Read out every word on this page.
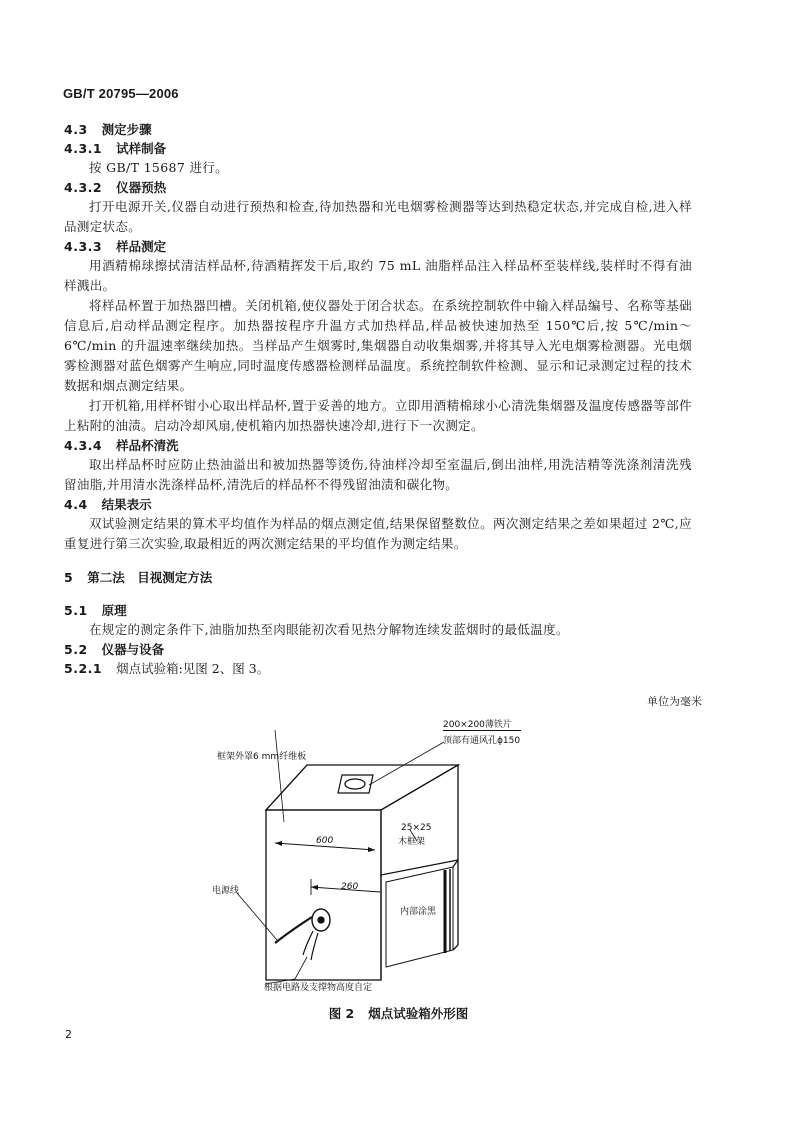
GB/T 20795—2006
4.3 测定步骤
4.3.1 试样制备
按 GB/T 15687 进行。
4.3.2 仪器预热
打开电源开关,仪器自动进行预热和检查,待加热器和光电烟雾检测器等达到热稳定状态,并完成自检,进入样品测定状态。
4.3.3 样品测定
用酒精棉球擦拭清洁样品杯,待酒精挥发干后,取约 75 mL 油脂样品注入样品杯至装样线,装样时不得有油样溅出。
将样品杯置于加热器凹槽。关闭机箱,使仪器处于闭合状态。在系统控制软件中输入样品编号、名称等基础信息后,启动样品测定程序。加热器按程序升温方式加热样品,样品被快速加热至 150℃后,按 5℃/min～6℃/min 的升温速率继续加热。当样品产生烟雾时,集烟器自动收集烟雾,并将其导入光电烟雾检测器。光电烟雾检测器对蓝色烟雾产生响应,同时温度传感器检测样品温度。系统控制软件检测、显示和记录测定过程的技术数据和烟点测定结果。
打开机箱,用样杯钳小心取出样品杯,置于妥善的地方。立即用酒精棉球小心清洗集烟器及温度传感器等部件上粘附的油渍。启动冷却风扇,使机箱内加热器快速冷却,进行下一次测定。
4.3.4 样品杯清洗
取出样品杯时应防止热油溢出和被加热器等烫伤,待油样冷却至室温后,倒出油样,用洗洁精等洗涤剂清洗残留油脂,并用清水洗涤样品杯,清洗后的样品杯不得残留油渍和碳化物。
4.4 结果表示
双试验测定结果的算术平均值作为样品的烟点测定值,结果保留整数位。两次测定结果之差如果超过 2℃,应重复进行第三次实验,取最相近的两次测定结果的平均值作为测定结果。
5 第二法　目视测定方法
5.1 原理
在规定的测定条件下,油脂加热至肉眼能初次看见热分解物连续发蓝烟时的最低温度。
5.2 仪器与设备
5.2.1 烟点试验箱:见图 2、图 3。
单位为毫米
200×200薄铁片
顶部有通风孔ϕ150
框架外罩6 mm纤维板
25×25
木框架
600
260
电源线
内部涂黑
根据电路及支撑物高度自定
图 2 烟点试验箱外形图
2
